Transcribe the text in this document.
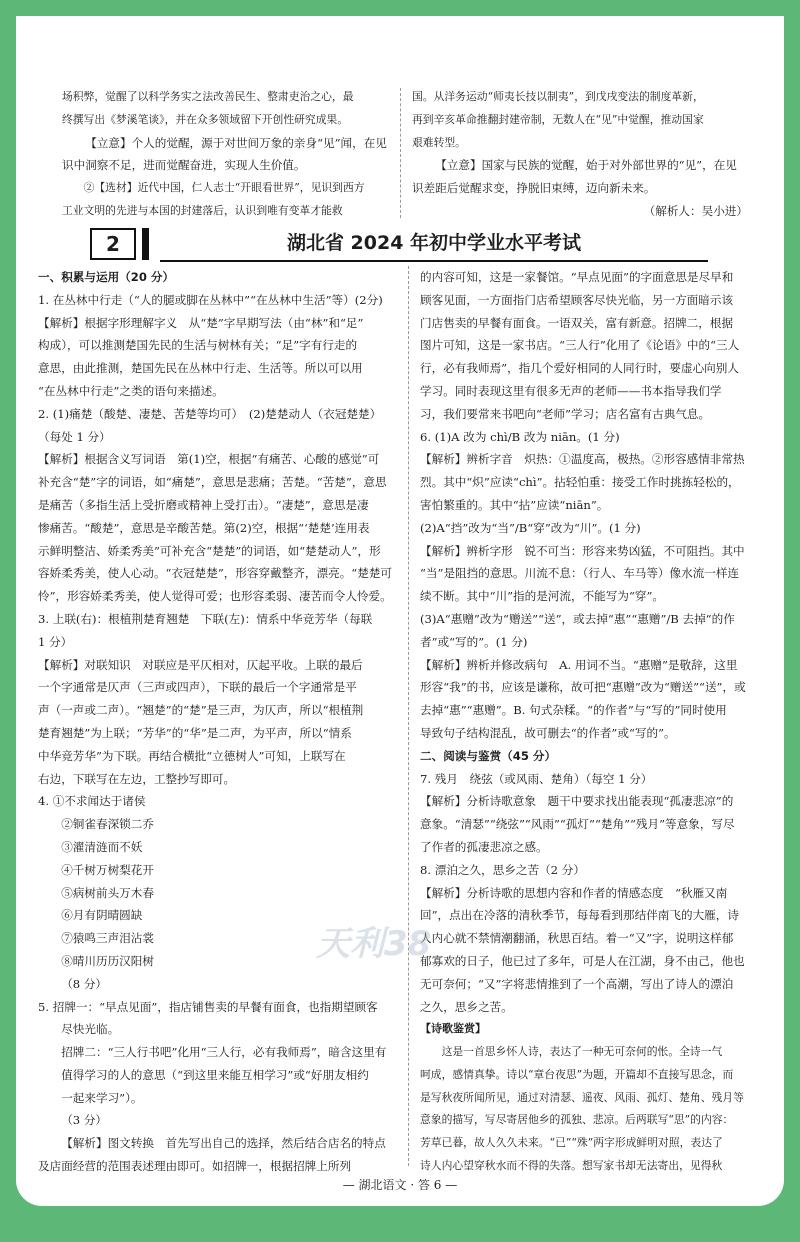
场积弊，觉醒了以科学务实之法改善民生、整肃吏治之心，最

终撰写出《梦溪笔谈》，并在众多领域留下开创性研究成果。

【立意】个人的觉醒，源于对世间万象的亲身“见”闻，在见

识中洞察不足，进而觉醒奋进，实现人生价值。

②【选材】近代中国，仁人志士“开眼看世界”，见识到西方

工业文明的先进与本国的封建落后，认识到唯有变革才能救

国。从洋务运动“师夷长技以制夷”，到戊戌变法的制度革新，

再到辛亥革命推翻封建帝制，无数人在“见”中觉醒，推动国家

艰难转型。

【立意】国家与民族的觉醒，始于对外部世界的“见”，在见

识差距后觉醒求变，挣脱旧束缚，迈向新未来。

（解析人：吴小进）

2	湖北省 2024 年初中学业水平考试

一、积累与运用（20 分）

1. 在丛林中行走（“人的腿或脚在丛林中”“在丛林中生活”等）(2分)

【解析】根据字形理解字义　从“楚”字早期写法（由“林”和“足”

构成），可以推测楚国先民的生活与树林有关；“足”字有行走的

意思，由此推测，楚国先民在丛林中行走、生活等。所以可以用

“在丛林中行走”之类的语句来描述。

2. (1)痛楚（酸楚、凄楚、苦楚等均可）　(2)楚楚动人（衣冠楚楚）

（每处 1 分）

【解析】根据含义写词语　第(1)空，根据“有痛苦、心酸的感觉”可

补充含“楚”字的词语，如“痛楚”，意思是悲痛；苦楚。“苦楚”，意思

是痛苦（多指生活上受折磨或精神上受打击）。“凄楚”，意思是凄

惨痛苦。“酸楚”，意思是辛酸苦楚。第(2)空，根据“‘楚楚’连用表

示鲜明整洁、娇柔秀美”可补充含“楚楚”的词语，如“楚楚动人”，形

容娇柔秀美，使人心动。“衣冠楚楚”，形容穿戴整齐，漂亮。“楚楚可

怜”，形容娇柔秀美，使人觉得可爱；也形容柔弱、凄苦而令人怜爱。

3. 上联(右)：根植荆楚育翘楚　下联(左)：情系中华竞芳华（每联

1 分）

【解析】对联知识　对联应是平仄相对，仄起平收。上联的最后

一个字通常是仄声（三声或四声），下联的最后一个字通常是平

声（一声或二声）。“翘楚”的“楚”是三声，为仄声，所以“根植荆

楚育翘楚”为上联；“芳华”的“华”是二声，为平声，所以“情系

中华竞芳华”为下联。再结合横批“立德树人”可知，上联写在

右边，下联写在左边，工整抄写即可。

4. ①不求闻达于诸侯

②铜雀春深锁二乔

③濯清涟而不妖

④千树万树梨花开

⑤病树前头万木春

⑥月有阴晴圆缺

⑦猿鸣三声泪沾裳

⑧晴川历历汉阳树

（8 分）

5. 招牌一：“早点见面”，指店铺售卖的早餐有面食，也指期望顾客

尽快光临。

招牌二：“三人行书吧”化用“三人行，必有我师焉”，暗含这里有

值得学习的人的意思（“到这里来能互相学习”或“好朋友相约

一起来学习”）。

（3 分）

【解析】图文转换　首先写出自己的选择，然后结合店名的特点

及店面经营的范围表述理由即可。如招牌一，根据招牌上所列

的内容可知，这是一家餐馆。“早点见面”的字面意思是尽早和

顾客见面，一方面指门店希望顾客尽快光临，另一方面暗示该

门店售卖的早餐有面食。一语双关，富有新意。招牌二，根据

图片可知，这是一家书店。“三人行”化用了《论语》中的“三人

行，必有我师焉”，指几个爱好相同的人同行时，要虚心向别人

学习。同时表现这里有很多无声的老师——书本指导我们学

习，我们要常来书吧向“老师”学习；店名富有古典气息。

6. (1)A 改为 chì/B 改为 niān。(1 分)

【解析】辨析字音　炽热：①温度高，极热。②形容感情非常热

烈。其中“炽”应读“chì”。拈轻怕重：接受工作时挑拣轻松的，

害怕繁重的。其中“拈”应读“niān”。

(2)A“挡”改为“当”/B“穿”改为“川”。(1 分)

【解析】辨析字形　锐不可当：形容来势凶猛，不可阻挡。其中

“当”是阻挡的意思。川流不息：（行人、车马等）像水流一样连

续不断。其中“川”指的是河流，不能写为“穿”。

(3)A“惠赠”改为“赠送”“送”，或去掉“惠”“惠赠”/B 去掉“的作

者”或“写的”。(1 分)

【解析】辨析并修改病句　A. 用词不当。“惠赠”是敬辞，这里

形容“我”的书，应该是谦称，故可把“惠赠”改为“赠送”“送”，或

去掉“惠”“惠赠”。B. 句式杂糅。“的作者”与“写的”同时使用

导致句子结构混乱，故可删去“的作者”或“写的”。

二、阅读与鉴赏（45 分）

7. 残月　绕弦（或风雨、楚角）（每空 1 分）

【解析】分析诗歌意象　题干中要求找出能表现“孤凄悲凉”的

意象。“清瑟”“绕弦”“风雨”“孤灯”“楚角”“残月”等意象，写尽

了作者的孤凄悲凉之感。

8. 漂泊之久，思乡之苦（2 分）

【解析】分析诗歌的思想内容和作者的情感态度　“秋雁又南

回”，点出在冷落的清秋季节，每每看到那结伴南飞的大雁，诗

人内心就不禁情潮翻涌，秋思百结。着一“又”字，说明这样郁

郁寡欢的日子，他已过了多年，可是人在江湖，身不由己，他也

无可奈何；“又”字将悲情推到了一个高潮，写出了诗人的漂泊

之久，思乡之苦。

【诗歌鉴赏】

这是一首思乡怀人诗，表达了一种无可奈何的怅。全诗一气

呵成，感情真挚。诗以“章台夜思”为题，开篇却不直接写思念，而

是写秋夜所闻所见，通过对清瑟、遥夜、风雨、孤灯、楚角、残月等

意象的描写，写尽寄居他乡的孤独、悲凉。后两联写“思”的内容：

芳草已暮，故人久久未来。“已”“殊”两字形成鲜明对照，表达了

诗人内心望穿秋水而不得的失落。想写家书却无法寄出，见得秋

天利38
— 湖北语文 · 答 6 —
